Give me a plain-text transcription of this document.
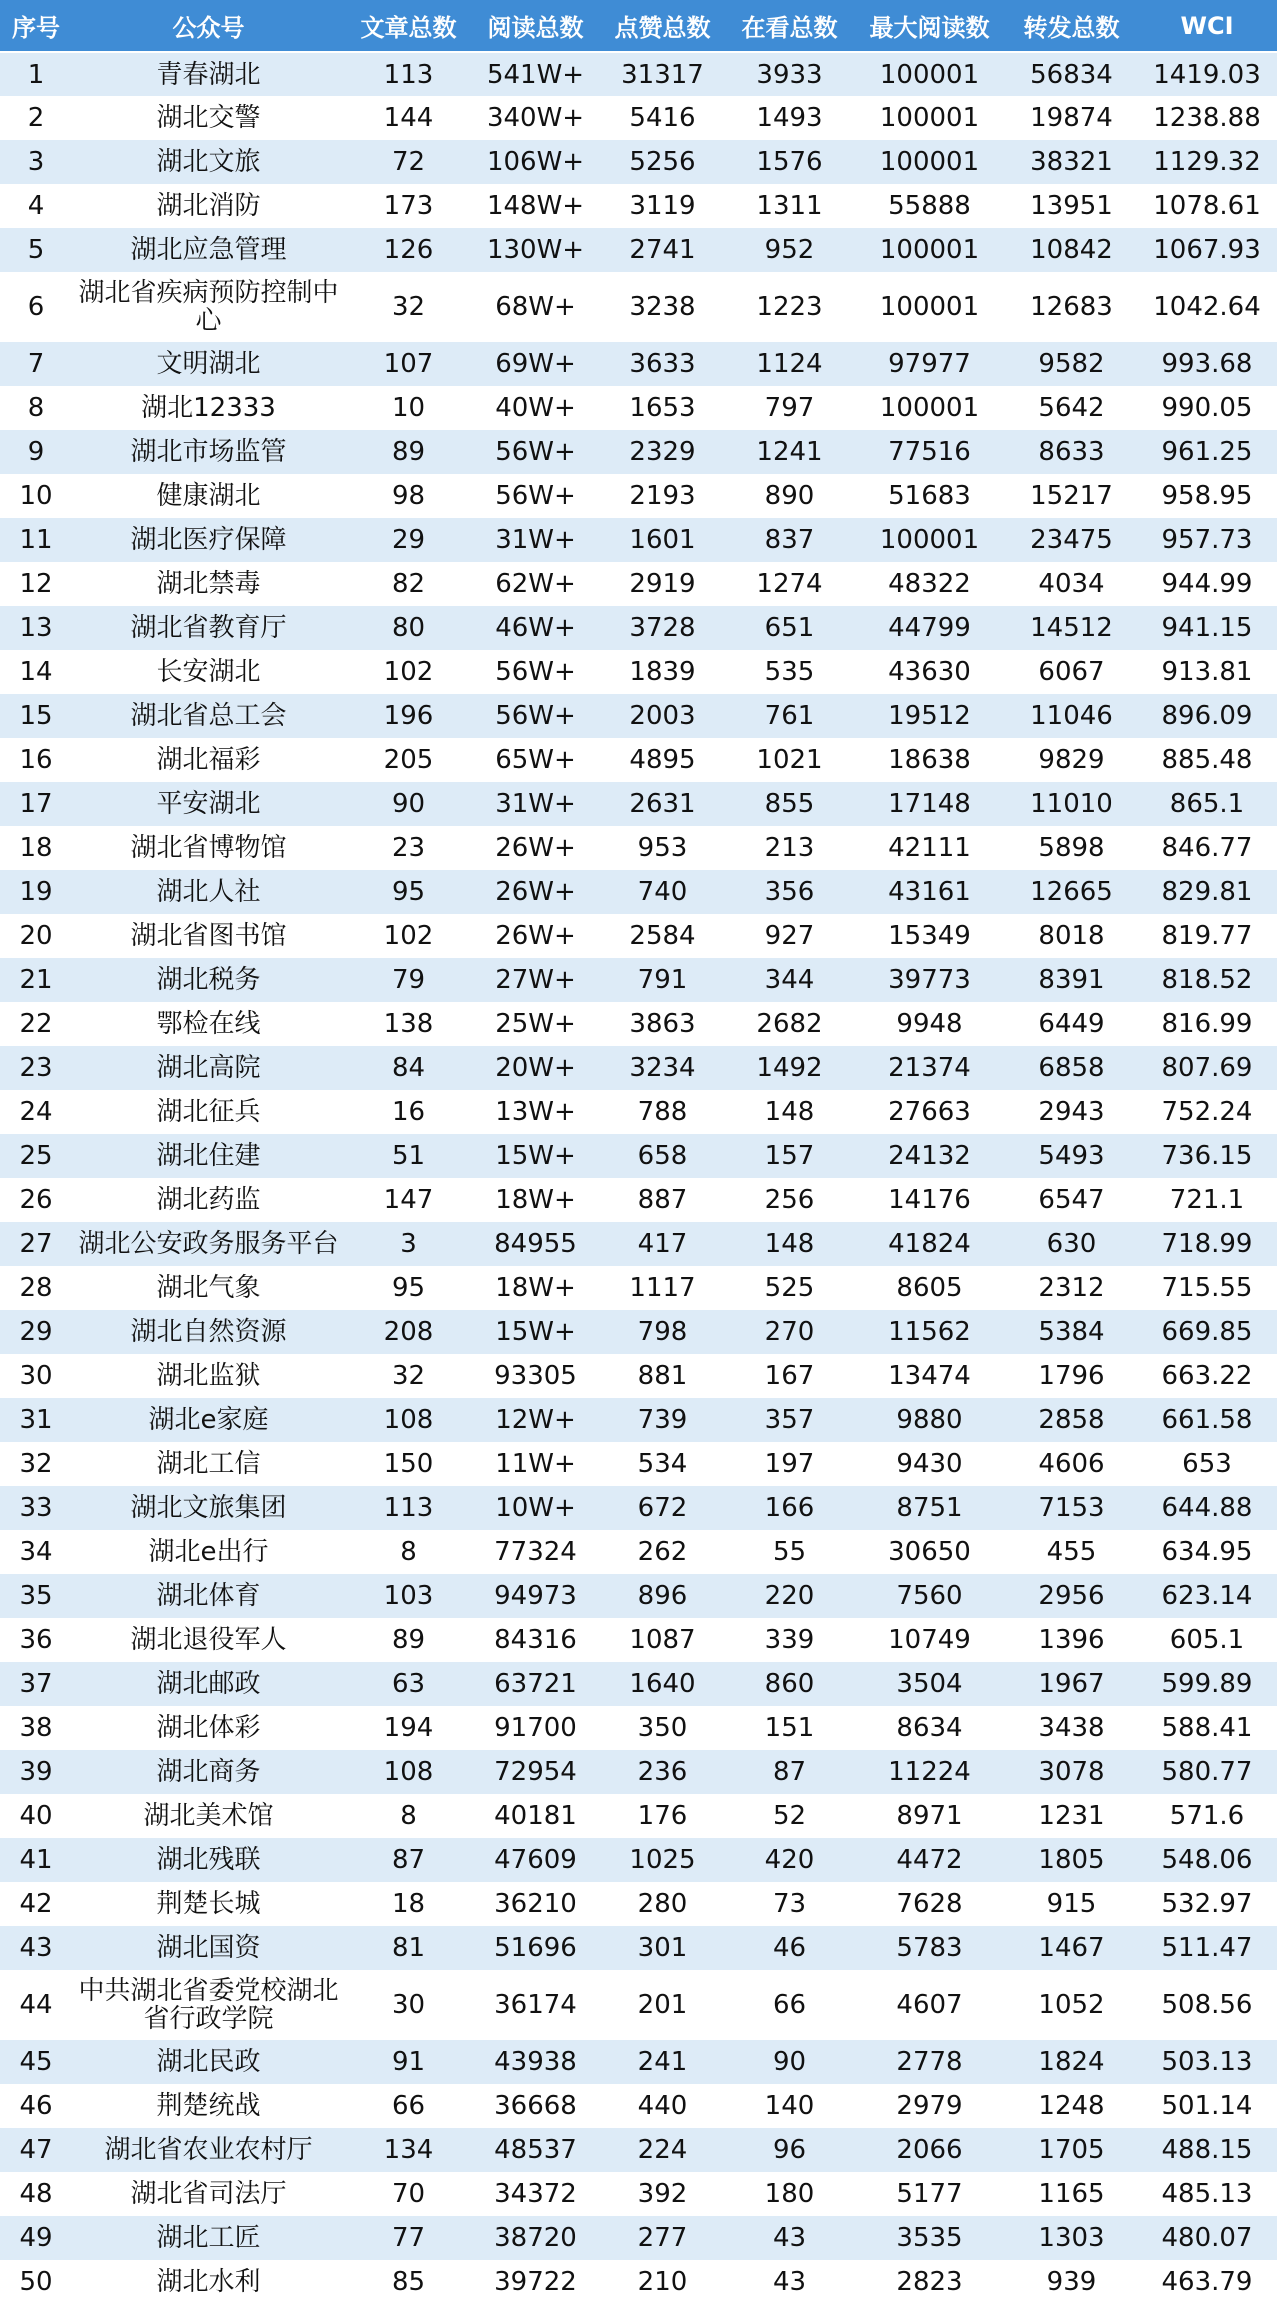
序号	公众号	文章总数	阅读总数	点赞总数	在看总数	最大阅读数	转发总数	WCI
1	青春湖北	113	541W+	31317	3933	100001	56834	1419.03
2	湖北交警	144	340W+	5416	1493	100001	19874	1238.88
3	湖北文旅	72	106W+	5256	1576	100001	38321	1129.32
4	湖北消防	173	148W+	3119	1311	55888	13951	1078.61
5	湖北应急管理	126	130W+	2741	952	100001	10842	1067.93
6	湖北省疾病预防控制中心	32	68W+	3238	1223	100001	12683	1042.64
7	文明湖北	107	69W+	3633	1124	97977	9582	993.68
8	湖北12333	10	40W+	1653	797	100001	5642	990.05
9	湖北市场监管	89	56W+	2329	1241	77516	8633	961.25
10	健康湖北	98	56W+	2193	890	51683	15217	958.95
11	湖北医疗保障	29	31W+	1601	837	100001	23475	957.73
12	湖北禁毒	82	62W+	2919	1274	48322	4034	944.99
13	湖北省教育厅	80	46W+	3728	651	44799	14512	941.15
14	长安湖北	102	56W+	1839	535	43630	6067	913.81
15	湖北省总工会	196	56W+	2003	761	19512	11046	896.09
16	湖北福彩	205	65W+	4895	1021	18638	9829	885.48
17	平安湖北	90	31W+	2631	855	17148	11010	865.1
18	湖北省博物馆	23	26W+	953	213	42111	5898	846.77
19	湖北人社	95	26W+	740	356	43161	12665	829.81
20	湖北省图书馆	102	26W+	2584	927	15349	8018	819.77
21	湖北税务	79	27W+	791	344	39773	8391	818.52
22	鄂检在线	138	25W+	3863	2682	9948	6449	816.99
23	湖北高院	84	20W+	3234	1492	21374	6858	807.69
24	湖北征兵	16	13W+	788	148	27663	2943	752.24
25	湖北住建	51	15W+	658	157	24132	5493	736.15
26	湖北药监	147	18W+	887	256	14176	6547	721.1
27	湖北公安政务服务平台	3	84955	417	148	41824	630	718.99
28	湖北气象	95	18W+	1117	525	8605	2312	715.55
29	湖北自然资源	208	15W+	798	270	11562	5384	669.85
30	湖北监狱	32	93305	881	167	13474	1796	663.22
31	湖北e家庭	108	12W+	739	357	9880	2858	661.58
32	湖北工信	150	11W+	534	197	9430	4606	653
33	湖北文旅集团	113	10W+	672	166	8751	7153	644.88
34	湖北e出行	8	77324	262	55	30650	455	634.95
35	湖北体育	103	94973	896	220	7560	2956	623.14
36	湖北退役军人	89	84316	1087	339	10749	1396	605.1
37	湖北邮政	63	63721	1640	860	3504	1967	599.89
38	湖北体彩	194	91700	350	151	8634	3438	588.41
39	湖北商务	108	72954	236	87	11224	3078	580.77
40	湖北美术馆	8	40181	176	52	8971	1231	571.6
41	湖北残联	87	47609	1025	420	4472	1805	548.06
42	荆楚长城	18	36210	280	73	7628	915	532.97
43	湖北国资	81	51696	301	46	5783	1467	511.47
44	中共湖北省委党校湖北省行政学院	30	36174	201	66	4607	1052	508.56
45	湖北民政	91	43938	241	90	2778	1824	503.13
46	荆楚统战	66	36668	440	140	2979	1248	501.14
47	湖北省农业农村厅	134	48537	224	96	2066	1705	488.15
48	湖北省司法厅	70	34372	392	180	5177	1165	485.13
49	湖北工匠	77	38720	277	43	3535	1303	480.07
50	湖北水利	85	39722	210	43	2823	939	463.79
